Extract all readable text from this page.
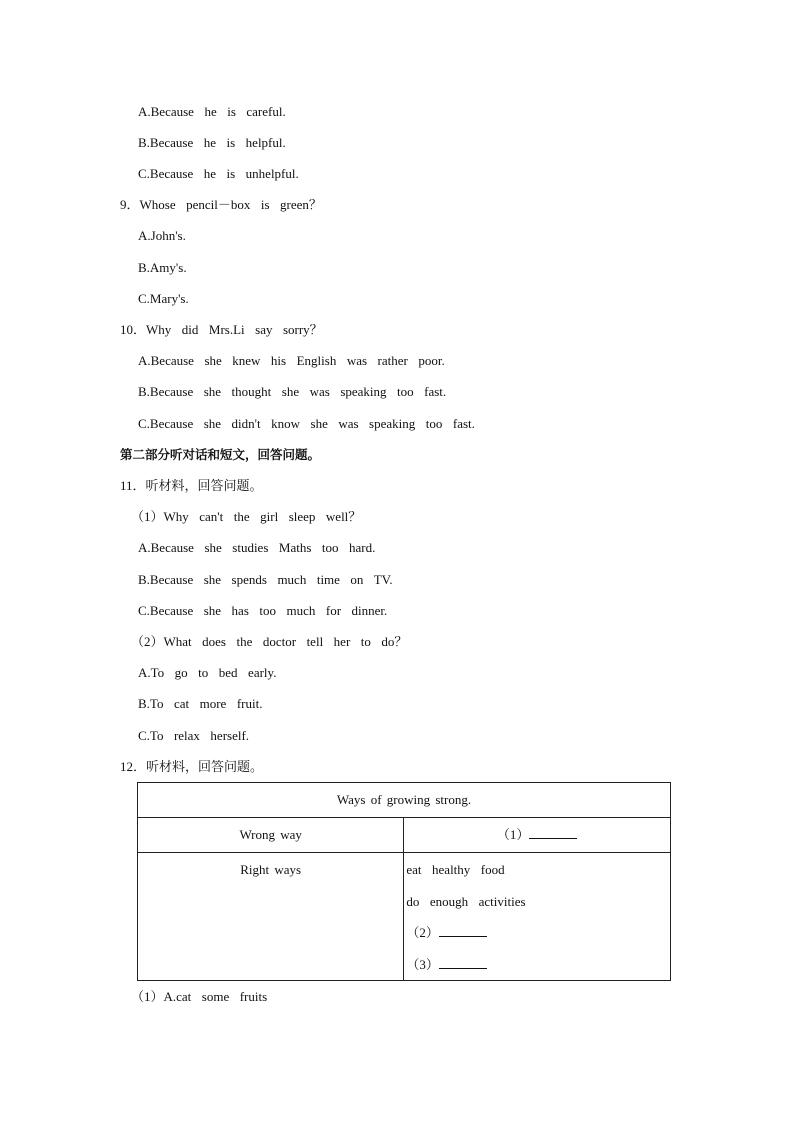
A.Because  he  is  careful.
B.Because  he  is  helpful.
C.Because  he  is  unhelpful.
9．Whose  pencil－box  is  green？
A.John's.
B.Amy's.
C.Mary's.
10．Why  did  Mrs.Li  say  sorry？
A.Because  she  knew  his  English  was  rather  poor.
B.Because  she  thought  she  was  speaking  too  fast.
C.Because  she  didn't  know  she  was  speaking  too  fast.
第二部分听对话和短文，回答问题。
11．听材料，回答问题。
（1）Why  can't  the  girl  sleep  well？
A.Because  she  studies  Maths  too  hard.
B.Because  she  spends  much  time  on  TV.
C.Because  she  has  too  much  for  dinner.
（2）What  does  the  doctor  tell  her  to  do？
A.To  go  to  bed  early.
B.To  cat  more  fruit.
C.To  relax  herself.
12．听材料，回答问题。
Ways of growing strong.	
Wrong way	（1）
Right ways	eat  healthy  food
do  enough  activities
（2）
（3）
（1）A.cat  some  fruits
